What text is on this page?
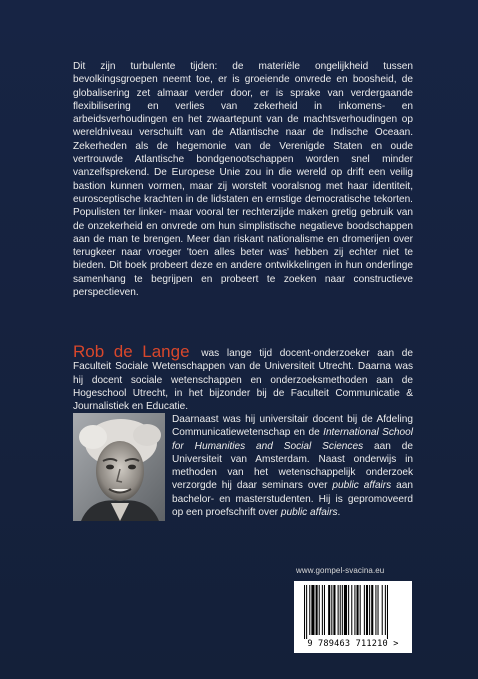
Dit zijn turbulente tijden: de materiële ongelijkheid tussen bevolkingsgroepen neemt toe, er is groeiende onvrede en boosheid, de globalisering zet almaar verder door, er is sprake van verdergaande flexibilisering en verlies van zekerheid in inkomens- en arbeidsverhoudingen en het zwaartepunt van de machtsverhoudingen op wereldniveau verschuift van de Atlantische naar de Indische Oceaan. Zekerheden als de hegemonie van de Verenigde Staten en oude vertrouwde Atlantische bondgenootschappen worden snel minder vanzelfsprekend. De Europese Unie zou in die wereld op drift een veilig bastion kunnen vormen, maar zij worstelt vooralsnog met haar identiteit, eurosceptische krachten in de lidstaten en ernstige democratische tekorten. Populisten ter linker- maar vooral ter rechterzijde maken gretig gebruik van de onzekerheid en onvrede om hun simplistische negatieve boodschappen aan de man te brengen. Meer dan riskant nationalisme en dromerijen over terugkeer naar vroeger 'toen alles beter was' hebben zij echter niet te bieden. Dit boek probeert deze en andere ontwikkelingen in hun onderlinge samenhang te begrijpen en probeert te zoeken naar constructieve perspectieven.

Rob de Lange was lange tijd docent-onderzoeker aan de Faculteit Sociale Wetenschappen van de Universiteit Utrecht. Daarna was hij docent sociale wetenschappen en onderzoeksmethoden aan de Hogeschool Utrecht, in het bijzonder bij de Faculteit Communicatie & Journalistiek en Educatie.

Daarnaast was hij universitair docent bij de Afdeling Communicatiewetenschap en de International School for Humanities and Social Sciences aan de Universiteit van Amsterdam. Naast onderwijs in methoden van het wetenschappelijk onderzoek verzorgde hij daar seminars over public affairs aan bachelor- en masterstudenten. Hij is gepromoveerd op een proefschrift over public affairs.

www.gompel-svacina.eu
9 789463 711210 >
